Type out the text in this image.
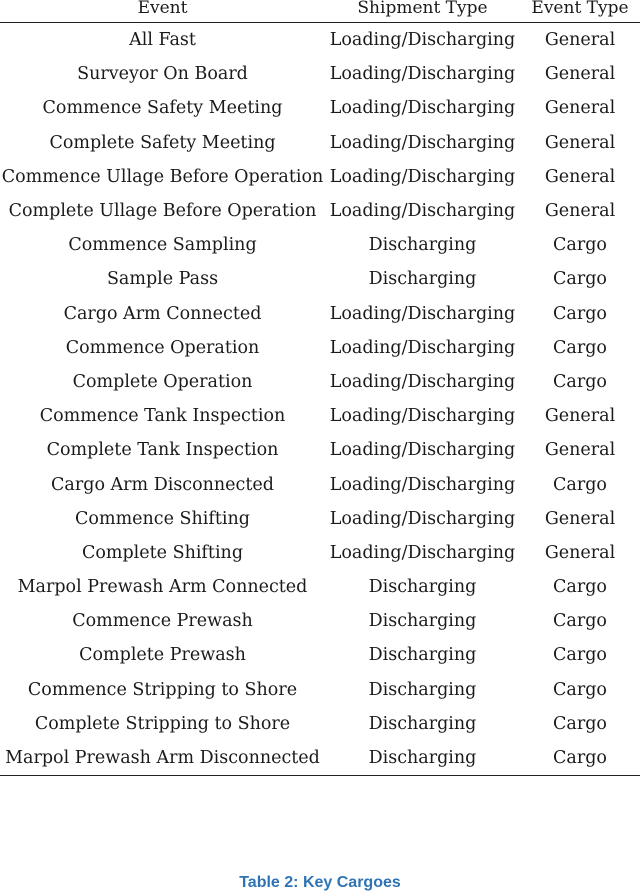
Event	Shipment Type	Event Type
All Fast	Loading/Discharging	General
Surveyor On Board	Loading/Discharging	General
Commence Safety Meeting	Loading/Discharging	General
Complete Safety Meeting	Loading/Discharging	General
Commence Ullage Before Operation	Loading/Discharging	General
Complete Ullage Before Operation	Loading/Discharging	General
Commence Sampling	Discharging	Cargo
Sample Pass	Discharging	Cargo
Cargo Arm Connected	Loading/Discharging	Cargo
Commence Operation	Loading/Discharging	Cargo
Complete Operation	Loading/Discharging	Cargo
Commence Tank Inspection	Loading/Discharging	General
Complete Tank Inspection	Loading/Discharging	General
Cargo Arm Disconnected	Loading/Discharging	Cargo
Commence Shifting	Loading/Discharging	General
Complete Shifting	Loading/Discharging	General
Marpol Prewash Arm Connected	Discharging	Cargo
Commence Prewash	Discharging	Cargo
Complete Prewash	Discharging	Cargo
Commence Stripping to Shore	Discharging	Cargo
Complete Stripping to Shore	Discharging	Cargo
Marpol Prewash Arm Disconnected	Discharging	Cargo
Table 2: Key Cargoes
